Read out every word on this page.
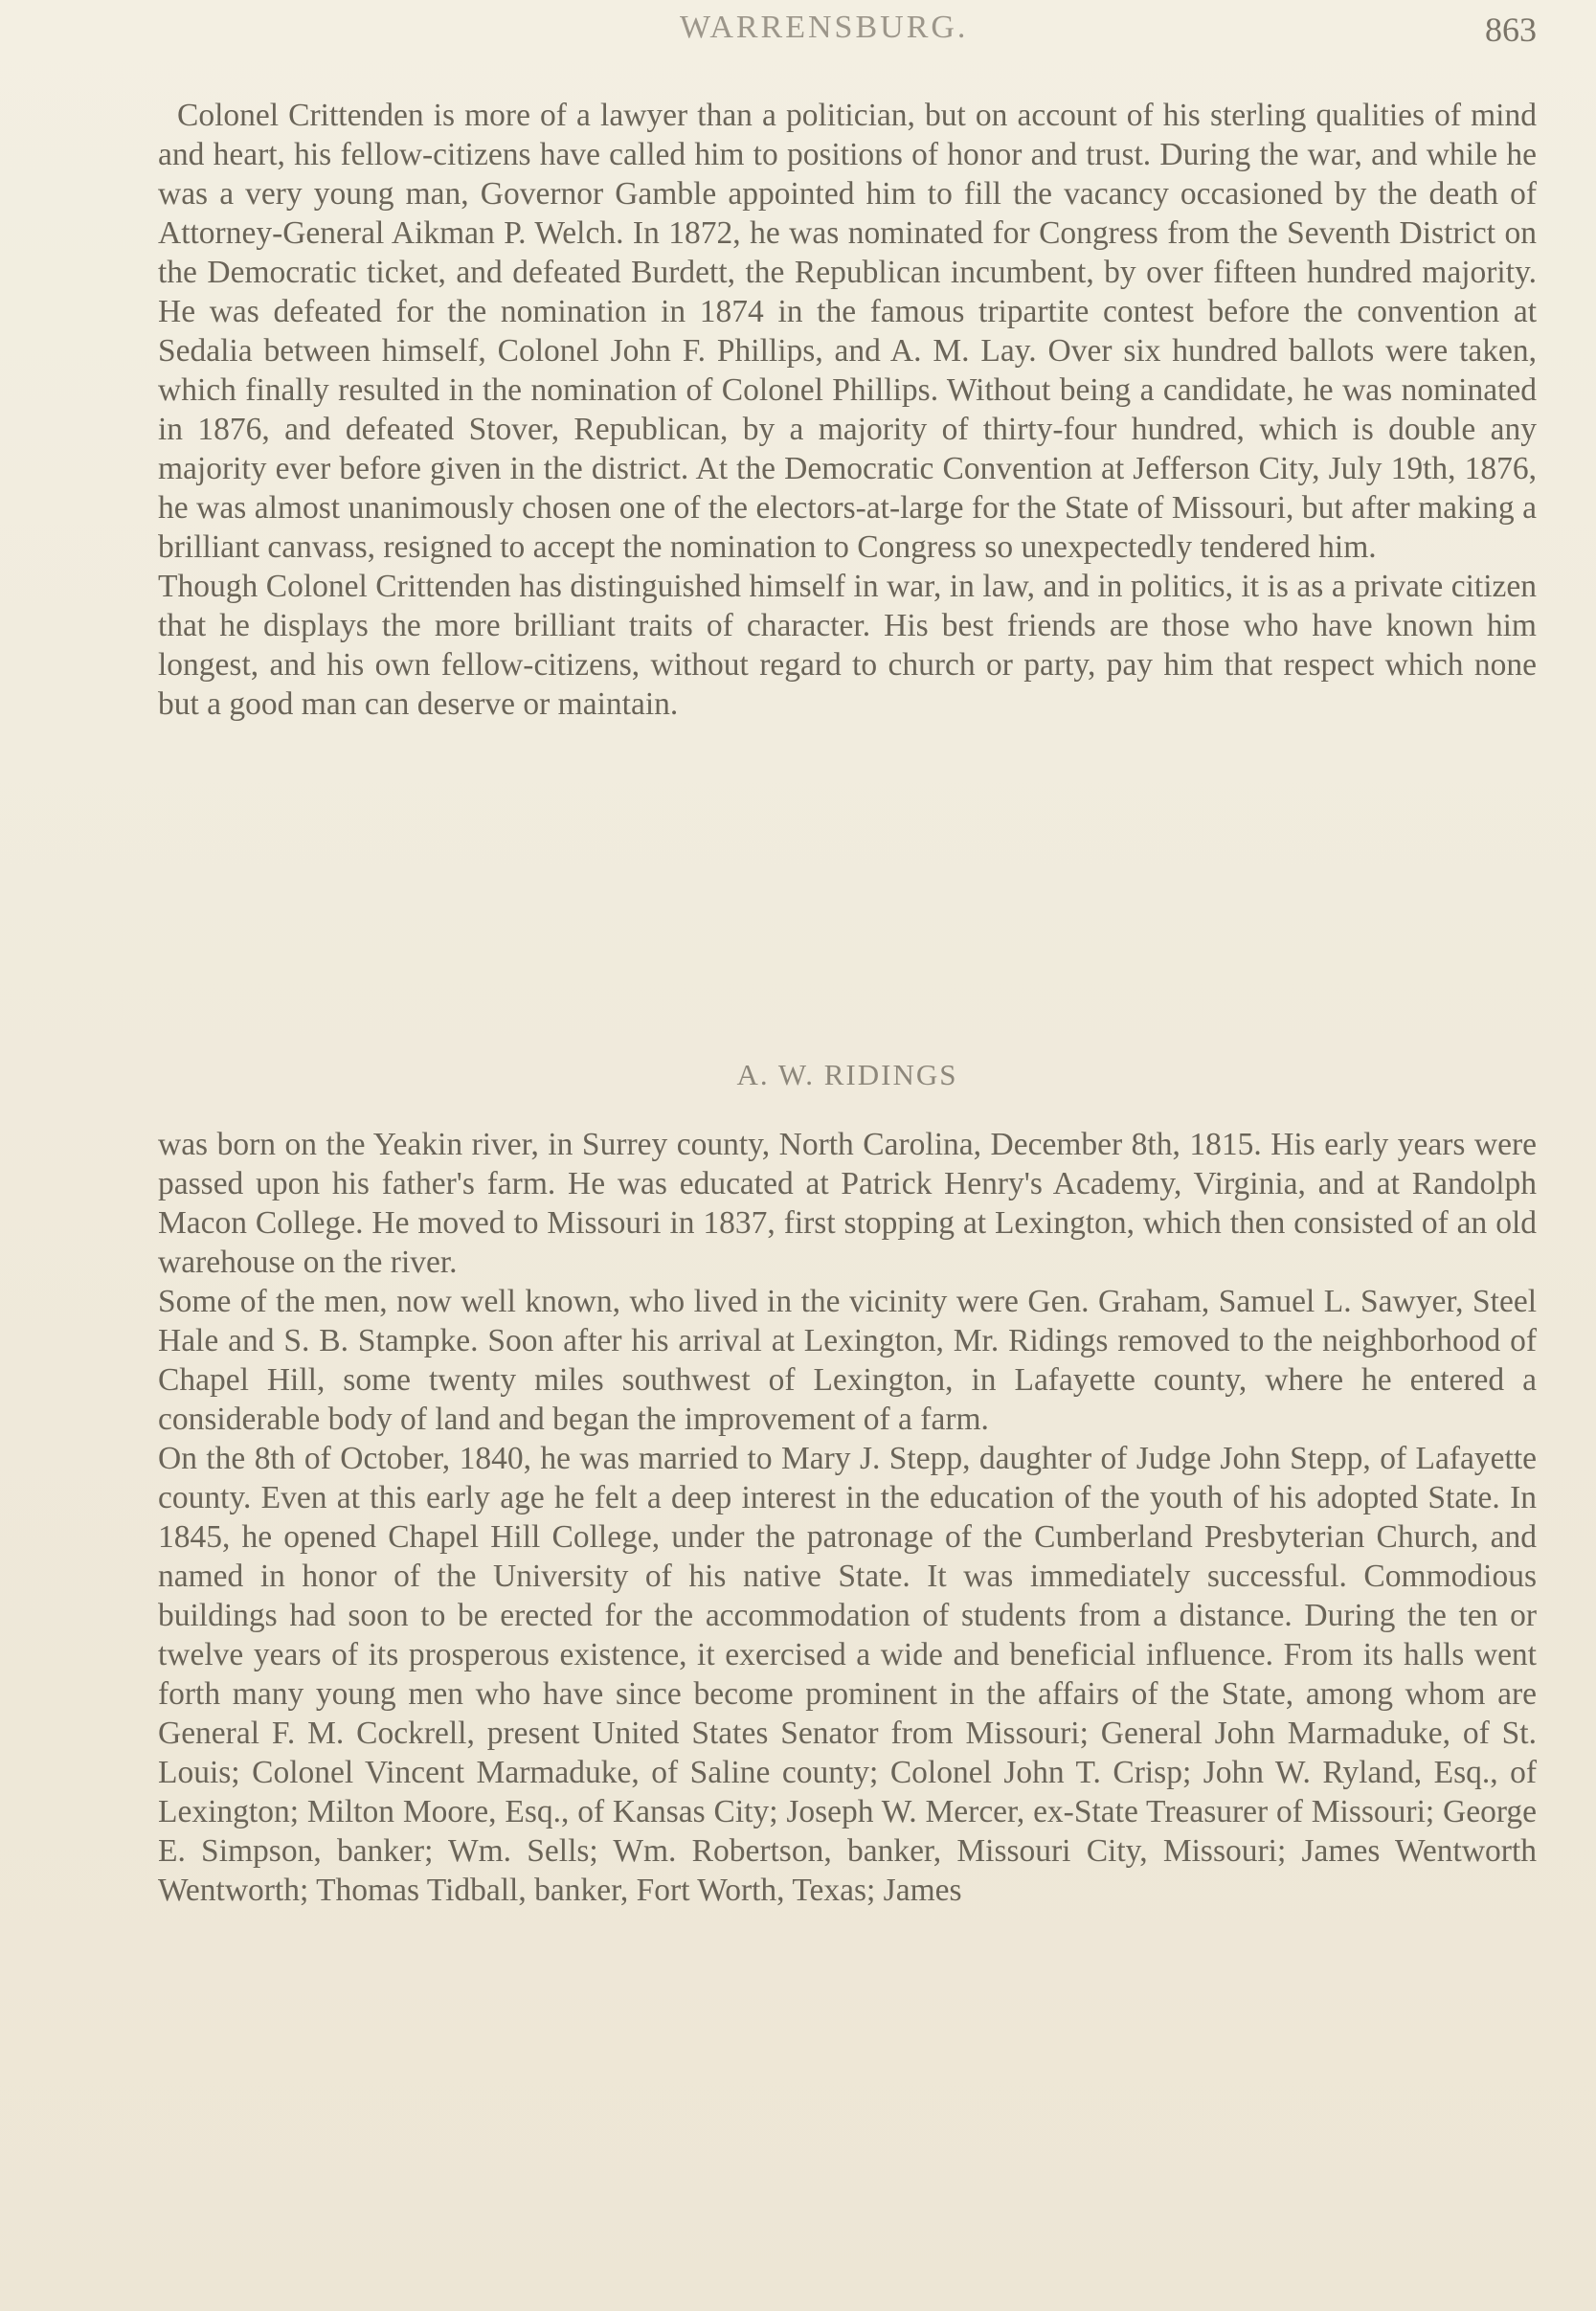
WARRENSBURG.	863

Colonel Crittenden is more of a lawyer than a politician, but on account of his sterling qualities of mind and heart, his fellow-citizens have called him to positions of honor and trust. During the war, and while he was a very young man, Governor Gamble appointed him to fill the vacancy occasioned by the death of Attorney-General Aikman P. Welch. In 1872, he was nominated for Congress from the Seventh District on the Democratic ticket, and defeated Burdett, the Republican incumbent, by over fifteen hundred majority. He was defeated for the nomination in 1874 in the famous tripartite contest before the convention at Sedalia between himself, Colonel John F. Phillips, and A. M. Lay. Over six hundred ballots were taken, which finally resulted in the nomination of Colonel Phillips. Without being a candidate, he was nominated in 1876, and defeated Stover, Republican, by a majority of thirty-four hundred, which is double any majority ever before given in the district. At the Democratic Convention at Jefferson City, July 19th, 1876, he was almost unanimously chosen one of the electors-at-large for the State of Missouri, but after making a brilliant canvass, resigned to accept the nomination to Congress so unexpectedly tendered him.

Though Colonel Crittenden has distinguished himself in war, in law, and in politics, it is as a private citizen that he displays the more brilliant traits of character. His best friends are those who have known him longest, and his own fellow-citizens, without regard to church or party, pay him that respect which none but a good man can deserve or maintain.

A. W. RIDINGS

was born on the Yeakin river, in Surrey county, North Carolina, December 8th, 1815. His early years were passed upon his father's farm. He was educated at Patrick Henry's Academy, Virginia, and at Randolph Macon College. He moved to Missouri in 1837, first stopping at Lexington, which then consisted of an old warehouse on the river.

Some of the men, now well known, who lived in the vicinity were Gen. Graham, Samuel L. Sawyer, Steel Hale and S. B. Stampke. Soon after his arrival at Lexington, Mr. Ridings removed to the neighborhood of Chapel Hill, some twenty miles southwest of Lexington, in Lafayette county, where he entered a considerable body of land and began the improvement of a farm.

On the 8th of October, 1840, he was married to Mary J. Stepp, daughter of Judge John Stepp, of Lafayette county. Even at this early age he felt a deep interest in the education of the youth of his adopted State. In 1845, he opened Chapel Hill College, under the patronage of the Cumberland Presbyterian Church, and named in honor of the University of his native State. It was immediately successful. Commodious buildings had soon to be erected for the accommodation of students from a distance. During the ten or twelve years of its prosperous existence, it exercised a wide and beneficial influence. From its halls went forth many young men who have since become prominent in the affairs of the State, among whom are General F. M. Cockrell, present United States Senator from Missouri; General John Marmaduke, of St. Louis; Colonel Vincent Marmaduke, of Saline county; Colonel John T. Crisp; John W. Ryland, Esq., of Lexington; Milton Moore, Esq., of Kansas City; Joseph W. Mercer, ex-State Treasurer of Missouri; George E. Simpson, banker; Wm. Sells; Wm. Robertson, banker, Missouri City, Missouri; James Wentworth Wentworth; Thomas Tidball, banker, Fort Worth, Texas; James
